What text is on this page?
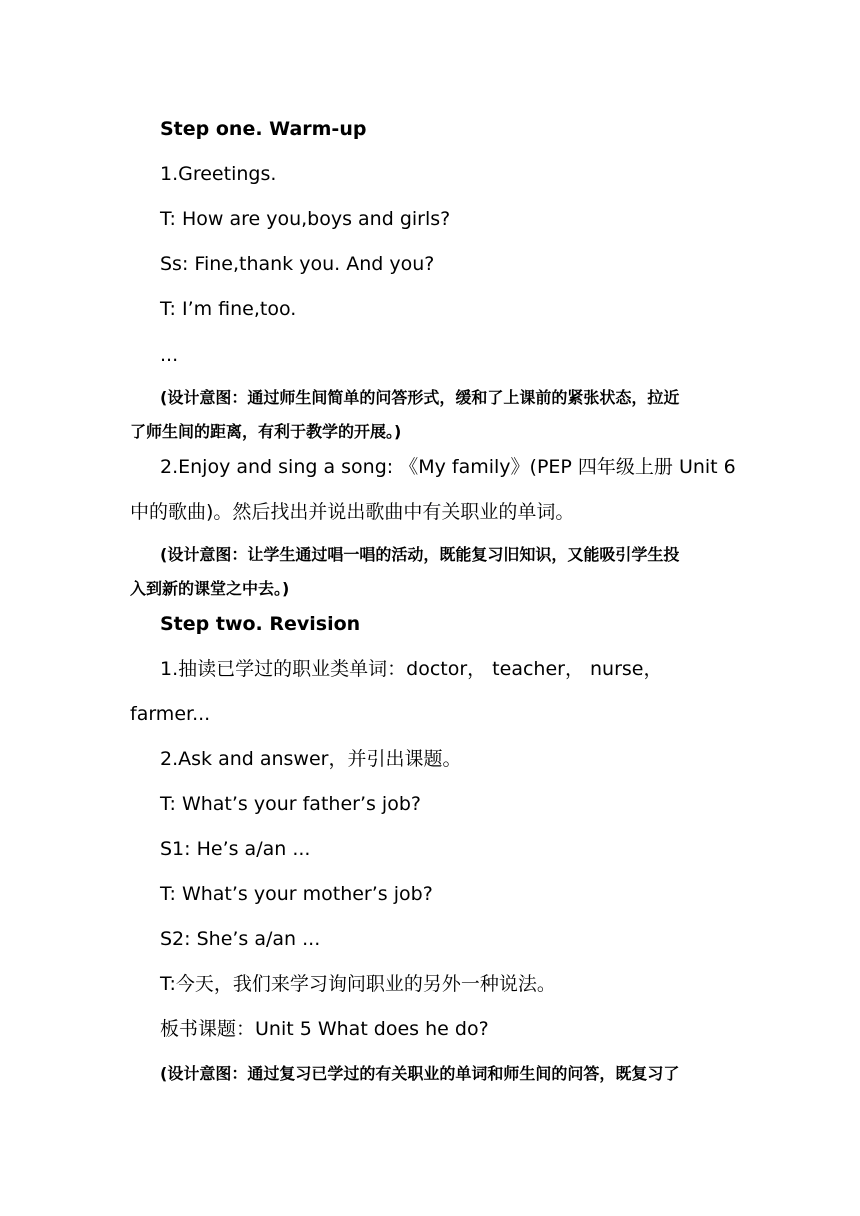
Step one. Warm-up
1.Greetings.
T: How are you,boys and girls?
Ss: Fine,thank you. And you?
T: I’m fine,too.
...
(设计意图：通过师生间简单的问答形式，缓和了上课前的紧张状态，拉近
了师生间的距离，有利于教学的开展。)
2.Enjoy and sing a song: 《My family》(PEP 四年级上册 Unit 6
中的歌曲)。然后找出并说出歌曲中有关职业的单词。
(设计意图：让学生通过唱一唱的活动，既能复习旧知识，又能吸引学生投
入到新的课堂之中去。)
Step two. Revision
1.抽读已学过的职业类单词：doctor， teacher， nurse，
farmer...
2.Ask and answer，并引出课题。
T: What’s your father’s job?
S1: He’s a/an ...
T: What’s your mother’s job?
S2: She’s a/an ...
T:今天，我们来学习询问职业的另外一种说法。
板书课题：Unit 5 What does he do?
(设计意图：通过复习已学过的有关职业的单词和师生间的问答，既复习了
